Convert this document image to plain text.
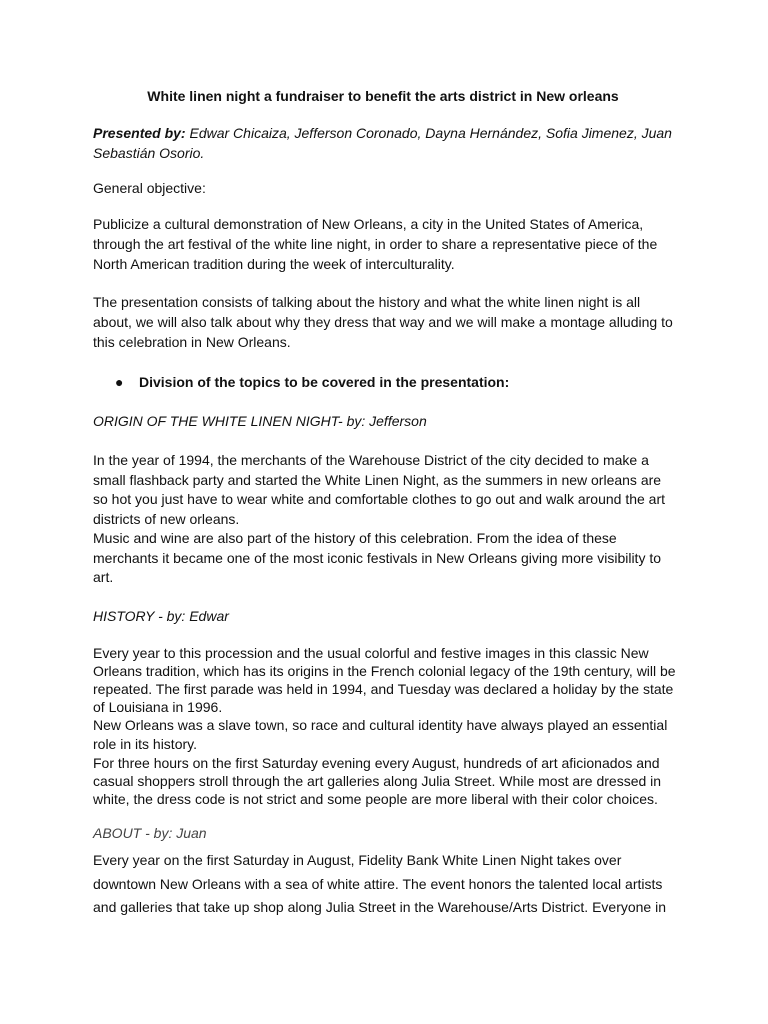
White linen night a fundraiser to benefit the arts district in New orleans

Presented by: Edwar Chicaiza, Jefferson Coronado, Dayna Hernández, Sofia Jimenez, Juan Sebastián Osorio.

General objective:

Publicize a cultural demonstration of New Orleans, a city in the United States of America, through the art festival of the white line night, in order to share a representative piece of the North American tradition during the week of interculturality.

The presentation consists of talking about the history and what the white linen night is all about, we will also talk about why they dress that way and we will make a montage alluding to this celebration in New Orleans.

● Division of the topics to be covered in the presentation:

ORIGIN OF THE WHITE LINEN NIGHT- by: Jefferson

In the year of 1994, the merchants of the Warehouse District of the city decided to make a small flashback party and started the White Linen Night, as the summers in new orleans are so hot you just have to wear white and comfortable clothes to go out and walk around the art districts of new orleans.
Music and wine are also part of the history of this celebration. From the idea of these merchants it became one of the most iconic festivals in New Orleans giving more visibility to art.

HISTORY - by: Edwar

Every year to this procession and the usual colorful and festive images in this classic New Orleans tradition, which has its origins in the French colonial legacy of the 19th century, will be repeated. The first parade was held in 1994, and Tuesday was declared a holiday by the state of Louisiana in 1996.
New Orleans was a slave town, so race and cultural identity have always played an essential role in its history.
For three hours on the first Saturday evening every August, hundreds of art aficionados and casual shoppers stroll through the art galleries along Julia Street. While most are dressed in white, the dress code is not strict and some people are more liberal with their color choices.

ABOUT - by: Juan

Every year on the first Saturday in August, Fidelity Bank White Linen Night takes over downtown New Orleans with a sea of white attire. The event honors the talented local artists and galleries that take up shop along Julia Street in the Warehouse/Arts District. Everyone in
